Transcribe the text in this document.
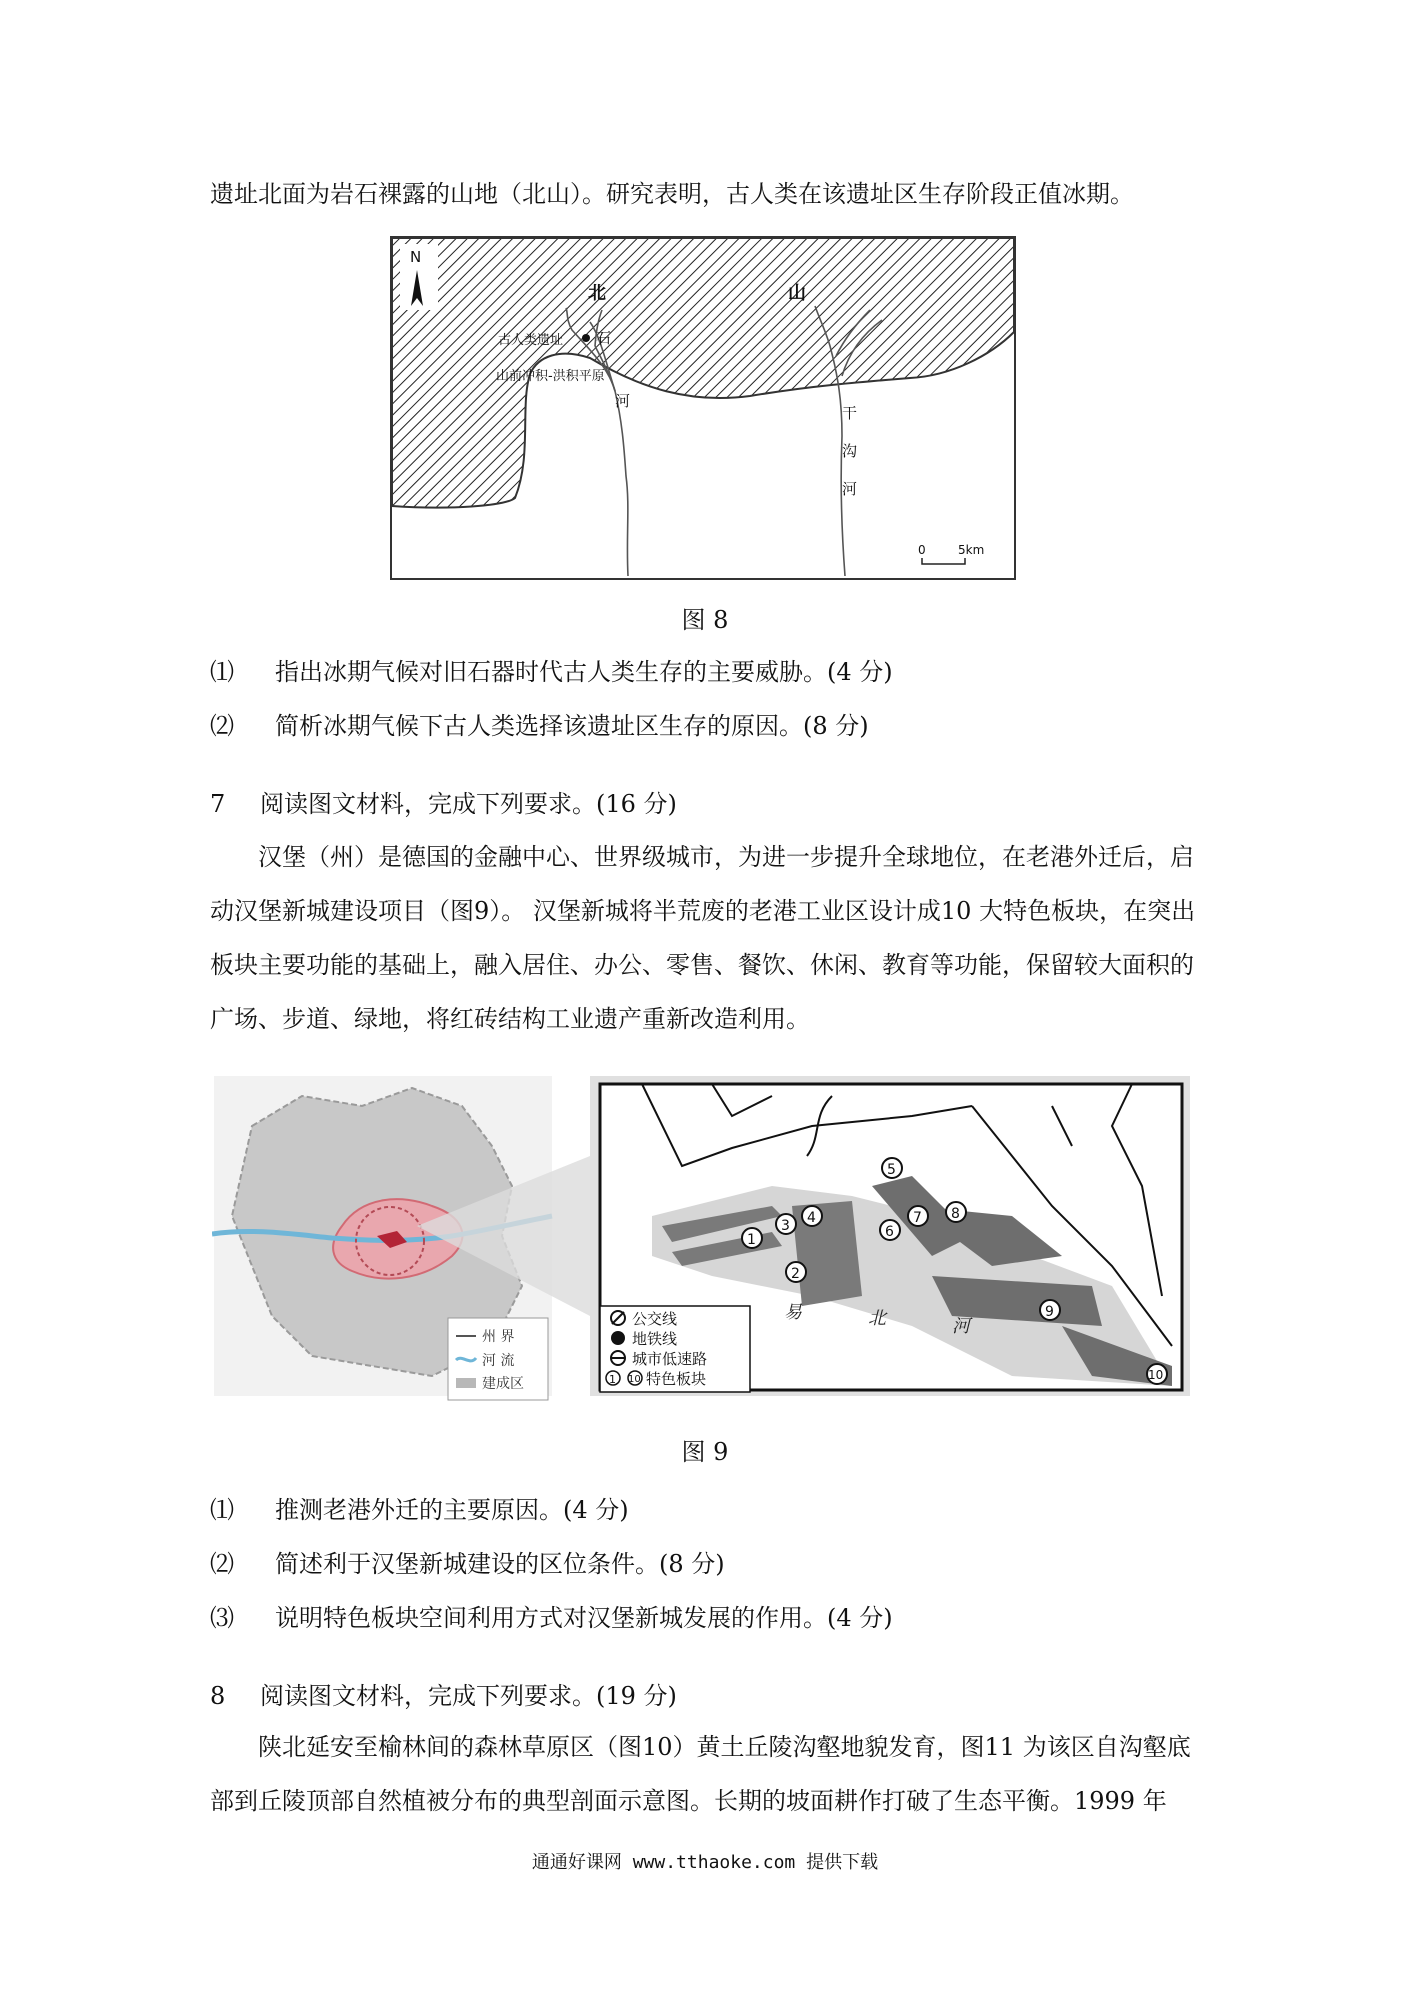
遗址北面为岩石裸露的山地（北山）。研究表明，古人类在该遗址区生存阶段正值冰期。
N
北	山
古人类遗址
山前冲积-洪积平原
石
河
干
沟
河
0	5km
图 8
⑴ 指出冰期气候对旧石器时代古人类生存的主要威胁。(4 分)
⑵ 简析冰期气候下古人类选择该遗址区生存的原因。(8 分)
7 阅读图文材料，完成下列要求。(16 分)

汉堡（州）是德国的金融中心、世界级城市，为进一步提升全球地位，在老港外迁后，启动汉堡新城建设项目（图9）。 汉堡新城将半荒废的老港工业区设计成10 大特色板块，在突出板块主要功能的基础上，融入居住、办公、零售、餐饮、休闲、教育等功能，保留较大面积的广场、步道、绿地，将红砖结构工业遗产重新改造利用。

州 界
河 流
建成区
易	北	河
公交线
地铁线
城市低速路
1 10 特色板块
1
2
3 4
5
6
7 8
9
10
图 9
⑴ 推测老港外迁的主要原因。(4 分)
⑵ 简述利于汉堡新城建设的区位条件。(8 分)
⑶ 说明特色板块空间利用方式对汉堡新城发展的作用。(4 分)
8 阅读图文材料，完成下列要求。(19 分)

陕北延安至榆林间的森林草原区（图10）黄土丘陵沟壑地貌发育，图11 为该区自沟壑底部到丘陵顶部自然植被分布的典型剖面示意图。长期的坡面耕作打破了生态平衡。1999 年

通通好课网 www.tthaoke.com 提供下载
